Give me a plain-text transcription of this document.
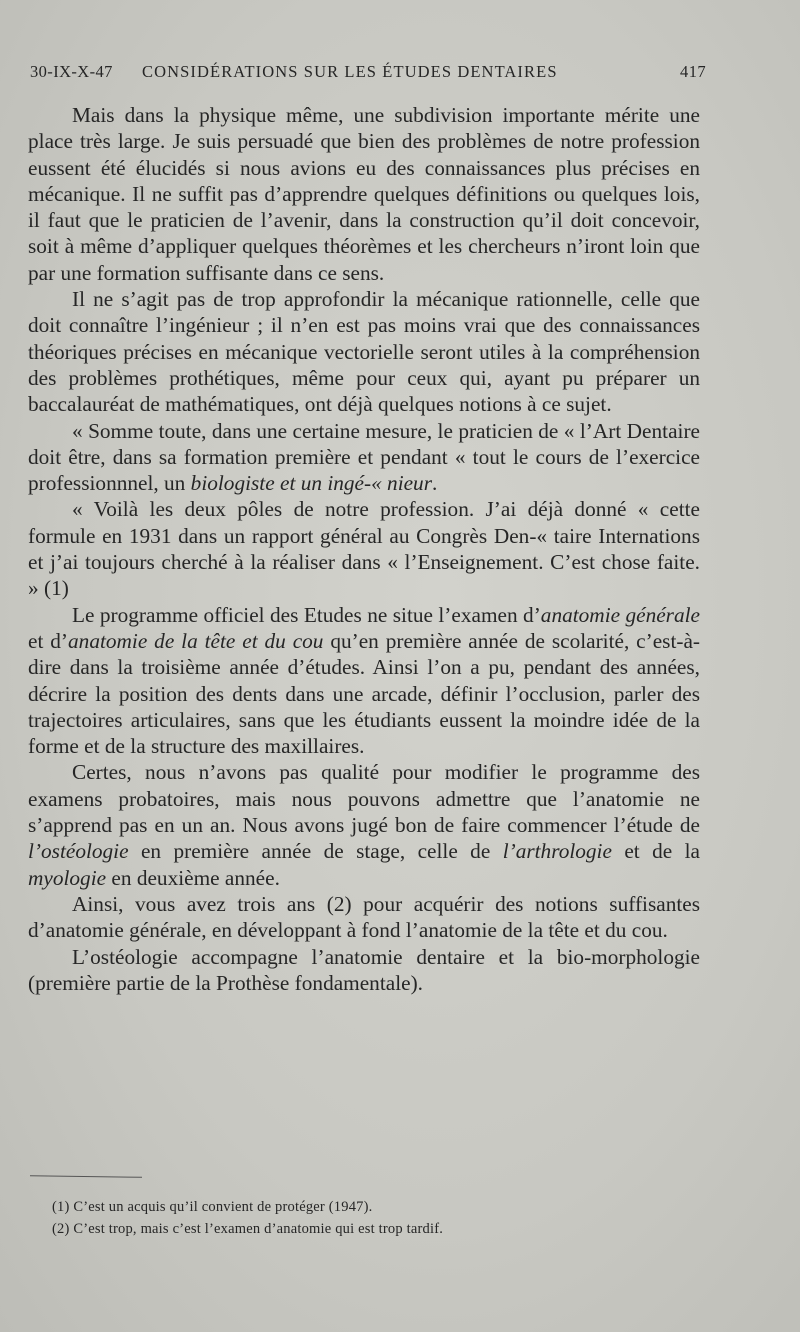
30-IX-X-47 CONSIDÉRATIONS SUR LES ÉTUDES DENTAIRES	417

Mais dans la physique même, une subdivision importante mérite une place très large. Je suis persuadé que bien des problèmes de notre profession eussent été élucidés si nous avions eu des connaissances plus précises en mécanique. Il ne suffit pas d’apprendre quelques définitions ou quelques lois, il faut que le praticien de l’avenir, dans la construction qu’il doit concevoir, soit à même d’appliquer quelques théorèmes et les chercheurs n’iront loin que par une formation suffisante dans ce sens.

Il ne s’agit pas de trop approfondir la mécanique rationnelle, celle que doit connaître l’ingénieur ; il n’en est pas moins vrai que des connaissances théoriques précises en mécanique vectorielle seront utiles à la compréhension des problèmes prothétiques, même pour ceux qui, ayant pu préparer un baccalauréat de mathématiques, ont déjà quelques notions à ce sujet.

« Somme toute, dans une certaine mesure, le praticien de « l’Art Dentaire doit être, dans sa formation première et pendant « tout le cours de l’exercice professionnnel, un biologiste et un ingé-« nieur.

« Voilà les deux pôles de notre profession. J’ai déjà donné « cette formule en 1931 dans un rapport général au Congrès Den-« taire Internations et j’ai toujours cherché à la réaliser dans « l’Enseignement. C’est chose faite. » (1)

Le programme officiel des Etudes ne situe l’examen d’anatomie générale et d’anatomie de la tête et du cou qu’en première année de scolarité, c’est-à-dire dans la troisième année d’études. Ainsi l’on a pu, pendant des années, décrire la position des dents dans une arcade, définir l’occlusion, parler des trajectoires articulaires, sans que les étudiants eussent la moindre idée de la forme et de la structure des maxillaires.

Certes, nous n’avons pas qualité pour modifier le programme des examens probatoires, mais nous pouvons admettre que l’anatomie ne s’apprend pas en un an. Nous avons jugé bon de faire commencer l’étude de l’ostéologie en première année de stage, celle de l’arthrologie et de la myologie en deuxième année.

Ainsi, vous avez trois ans (2) pour acquérir des notions suffisantes d’anatomie générale, en développant à fond l’anatomie de la tête et du cou.

L’ostéologie accompagne l’anatomie dentaire et la bio-morphologie (première partie de la Prothèse fondamentale).

(1) C’est un acquis qu’il convient de protéger (1947).

(2) C’est trop, mais c’est l’examen d’anatomie qui est trop tardif.
